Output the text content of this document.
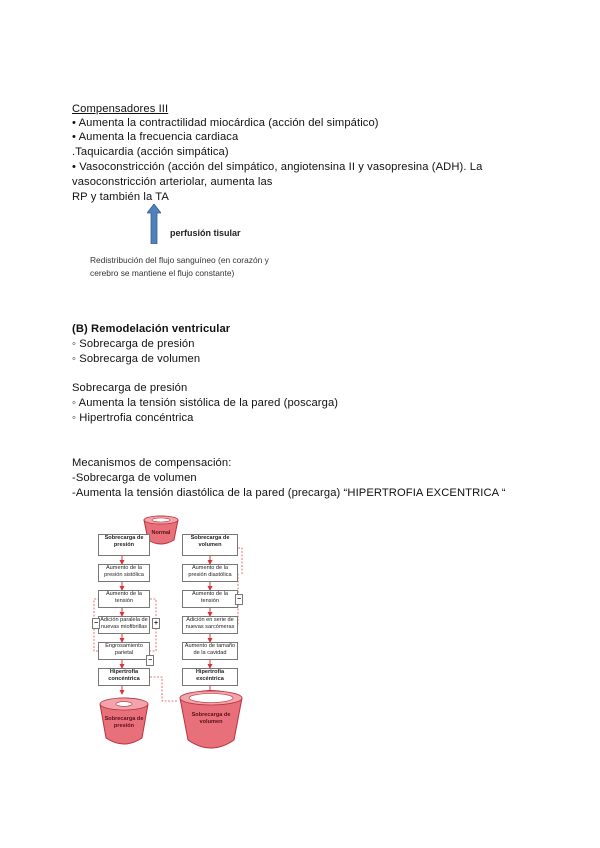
Compensadores III
• Aumenta la contractilidad miocárdica (acción del simpático)
• Aumenta la frecuencia cardiaca
.Taquicardia (acción simpática)
• Vasoconstricción (acción del simpático, angiotensina II y vasopresina (ADH). La
vasoconstricción arteriolar, aumenta las
RP y también la TA
perfusión tisular
Redistribución del flujo sanguíneo (en corazón y cerebro se mantiene el flujo constante)
(B) Remodelación ventricular
◦ Sobrecarga de presión
◦ Sobrecarga de volumen
Sobrecarga de presión
◦ Aumenta la tensión sistólica de la pared (poscarga)
◦ Hipertrofia concéntrica
Mecanismos de compensación:
-Sobrecarga de volumen
-Aumenta la tensión diastólica de la pared (precarga) “HIPERTROFIA EXCENTRICA “
Normal
Sobrecarga de presión
Aumento de la presión sistólica
Aumento de la tensión
Adición paralela de nuevas miofibrillas
Engrosamiento parietal
Hipertrofia concéntrica
Sobrecarga de volumen
Aumento de la presión diastólica
Aumento de la tensión
Adición en serie de nuevas sarcómeras
Aumento de tamaño de la cavidad
Hipertrofia excéntrica
−	+
−
−
Sobrecarga de presión
Sobrecarga de volumen
